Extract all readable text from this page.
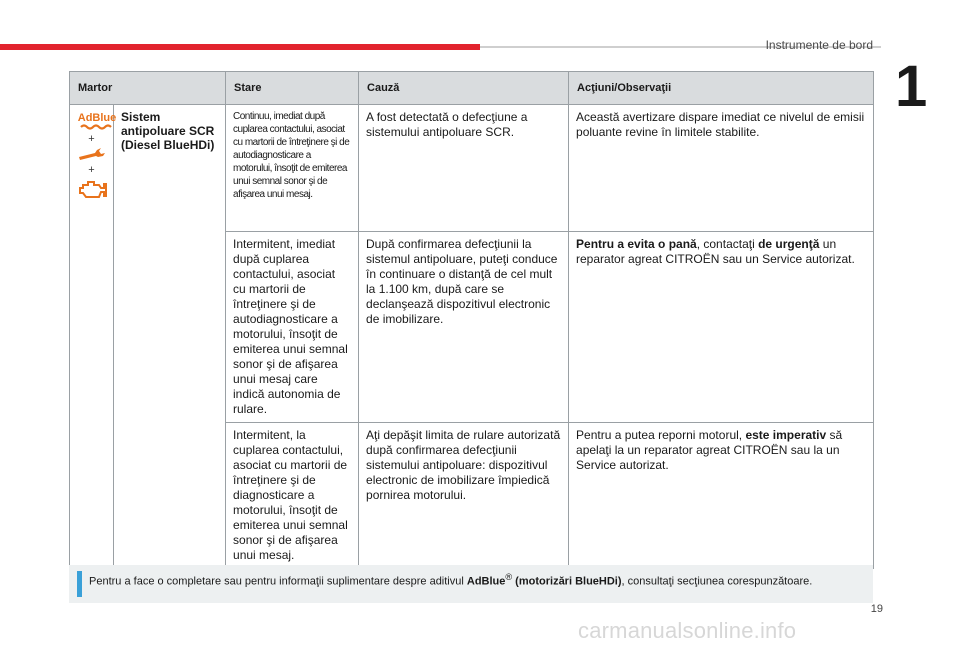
Instrumente de bord
1
Martor		Stare	Cauză	Acţiuni/Observaţii

AdBlue
+
+	Sistem antipoluare SCR (Diesel BlueHDi)	Continuu, imediat după cuplarea contactului, asociat cu martorii de întreţinere şi de autodiagnosticare a motorului, însoţit de emiterea unui semnal sonor şi de afişarea unui mesaj.	A fost detectată o defecţiune a sistemului antipoluare SCR.	Această avertizare dispare imediat ce nivelul de emisii poluante revine în limitele stabilite.
		Intermitent, imediat după cuplarea contactului, asociat cu martorii de întreţinere şi de autodiagnosticare a motorului, însoţit de emiterea unui semnal sonor şi de afişarea unui mesaj care indică autonomia de rulare.	După confirmarea defecţiunii la sistemul antipoluare, puteţi conduce în continuare o distanţă de cel mult la 1.100 km, după care se declanşează dispozitivul electronic de imobilizare.	Pentru a evita o pană, contactaţi de urgenţă un reparator agreat CITROËN sau un Service autorizat.
		Intermitent, la cuplarea contactului, asociat cu martorii de întreţinere şi de diagnosticare a motorului, însoţit de emiterea unui semnal sonor şi de afişarea unui mesaj.	Aţi depăşit limita de rulare autorizată după confirmarea defecţiunii sistemului antipoluare: dispozitivul electronic de imobilizare împiedică pornirea motorului.	Pentru a putea reporni motorul, este imperativ să apelaţi la un reparator agreat CITROËN sau la un Service autorizat.
Pentru a face o completare sau pentru informaţii suplimentare despre aditivul AdBlue® (motorizări BlueHDi), consultaţi secţiunea corespunzătoare.
19
carmanualsonline.info
